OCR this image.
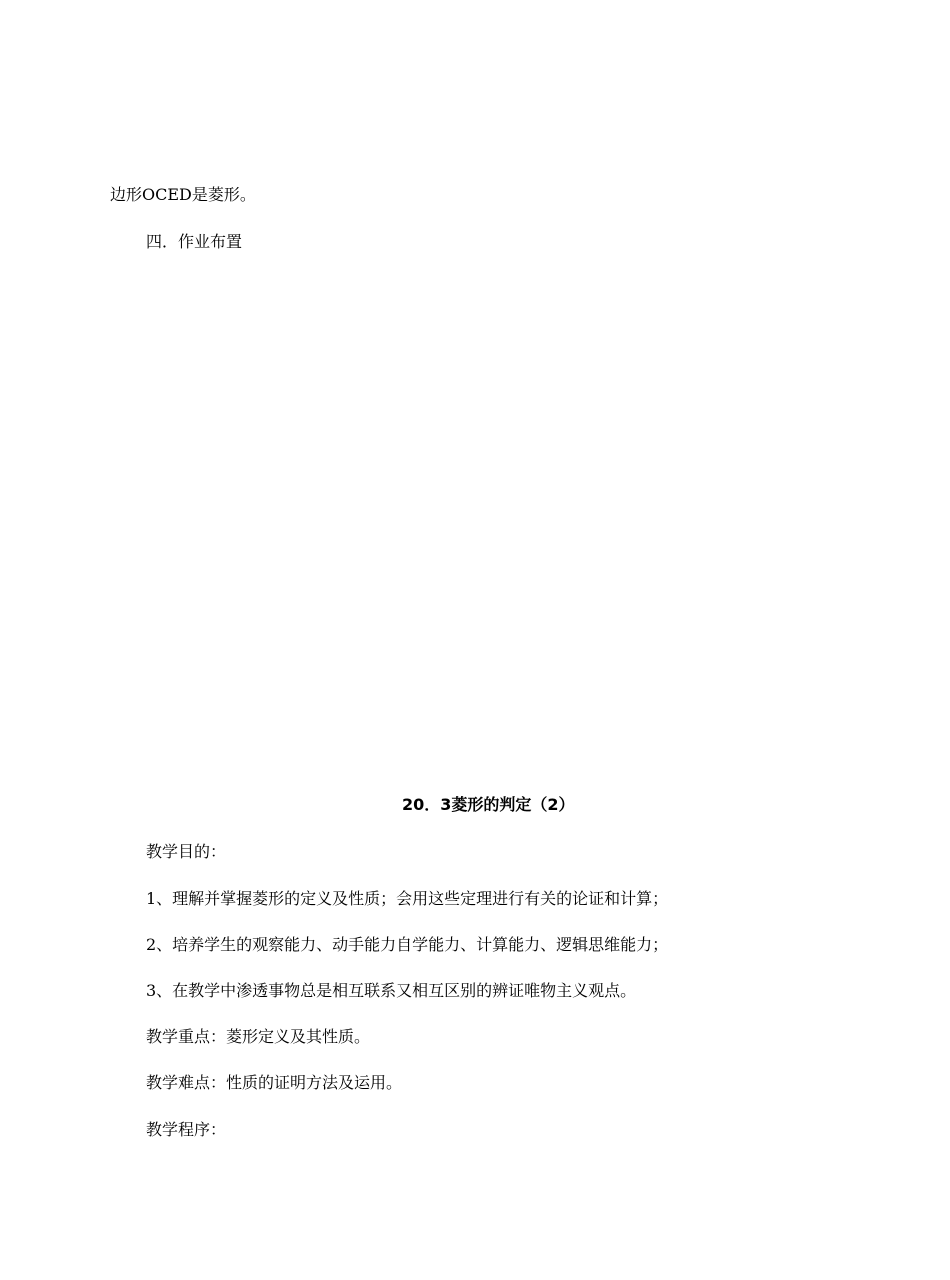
边形OCED是菱形。

四．作业布置

20．3菱形的判定（2）

教学目的：

1、理解并掌握菱形的定义及性质；会用这些定理进行有关的论证和计算；

2、培养学生的观察能力、动手能力自学能力、计算能力、逻辑思维能力；

3、在教学中渗透事物总是相互联系又相互区别的辨证唯物主义观点。

教学重点：菱形定义及其性质。

教学难点：性质的证明方法及运用。

教学程序：
